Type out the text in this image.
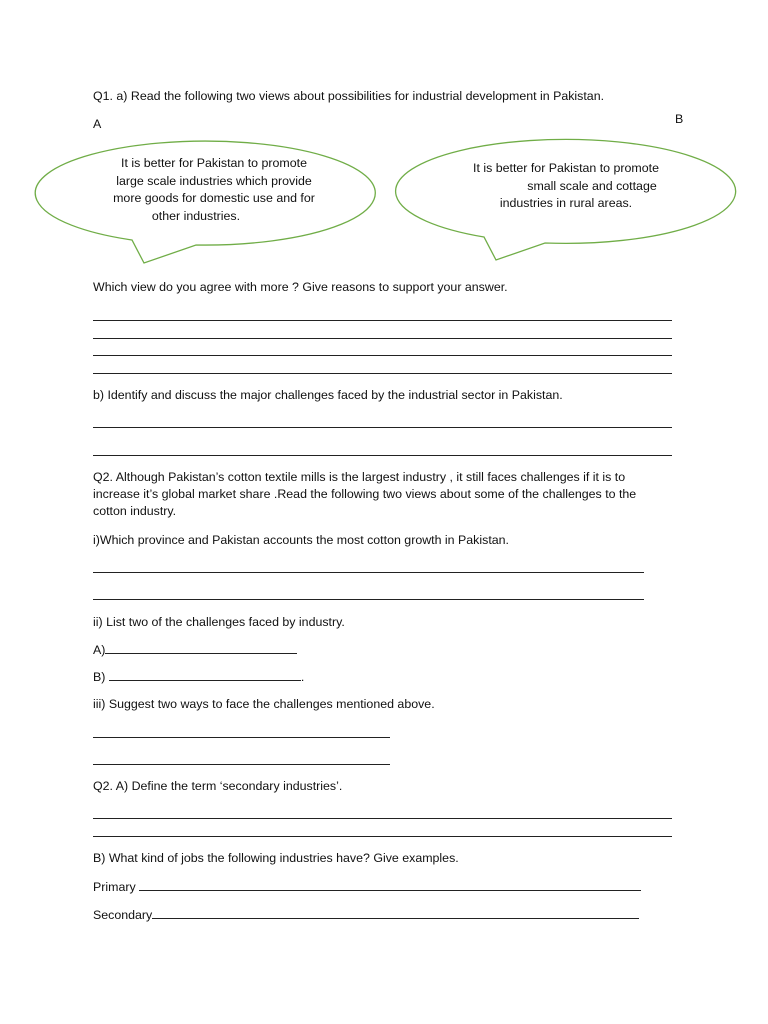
Q1. a) Read the following two views about possibilities for industrial development in Pakistan.
A	B
It is better for Pakistan to promote
large scale industries which provide
more goods for domestic use and for
other industries.
It is better for Pakistan to promote
small scale and cottage
industries in rural areas.
Which view do you agree with more ? Give reasons to support your answer.
b) Identify and discuss the major challenges faced by the industrial sector in Pakistan.
Q2. Although Pakistan’s cotton textile mills is the largest industry , it still faces challenges if it is to
increase it’s global market share .Read the following two views about some of the challenges to the
cotton industry.
i)Which province and Pakistan accounts the most cotton growth in Pakistan.
ii) List two of the challenges faced by industry.
A)
B)	.
iii) Suggest two ways to face the challenges mentioned above.
Q2. A) Define the term ‘secondary industries’.
B) What kind of jobs the following industries have? Give examples.
Primary
Secondary
